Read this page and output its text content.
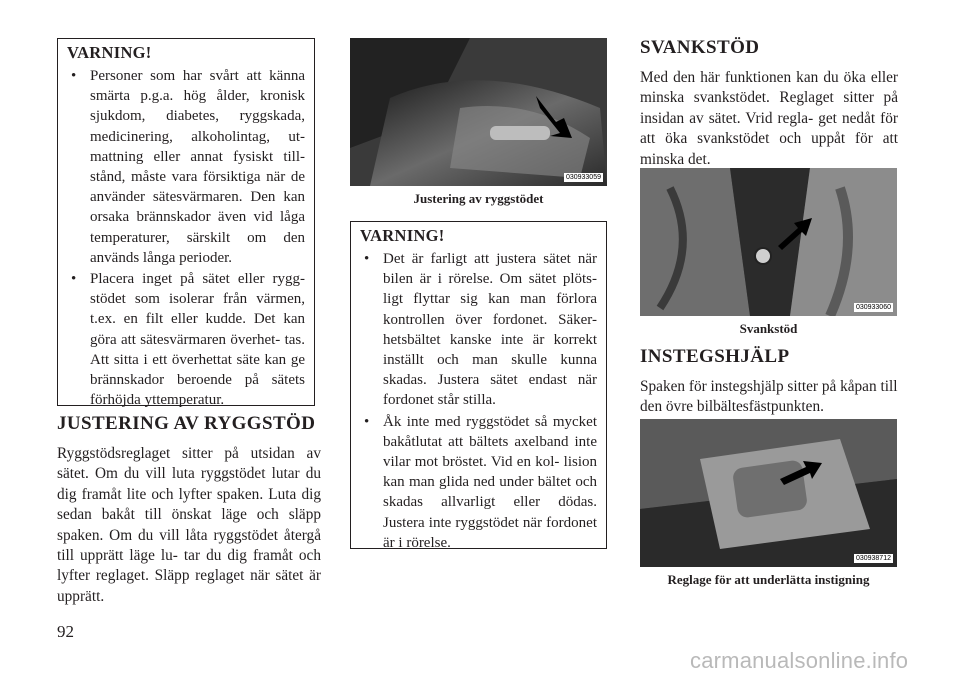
VARNING!
• Personer som har svårt att känna smärta p.g.a. hög ålder, kronisk sjukdom, diabetes, ryggskada, medicinering, alkoholintag, ut- mattning eller annat fysiskt till- stånd, måste vara försiktiga när de använder sätesvärmaren. Den kan orsaka brännskador även vid låga temperaturer, särskilt om den används långa perioder.
• Placera inget på sätet eller rygg- stödet som isolerar från värmen, t.ex. en filt eller kudde. Det kan göra att sätesvärmaren överhet- tas. Att sitta i ett överhettat säte kan ge brännskador beroende på sätets förhöjda yttemperatur.
JUSTERING AV RYGGSTÖD
Ryggstödsreglaget sitter på utsidan av sätet. Om du vill luta ryggstödet lutar du dig framåt lite och lyfter spaken. Luta dig sedan bakåt till önskat läge och släpp spaken. Om du vill låta ryggstödet återgå till upprätt läge lu- tar du dig framåt och lyfter reglaget. Släpp reglaget när sätet är upprätt.
92
030933059
Justering av ryggstödet
VARNING!
• Det är farligt att justera sätet när bilen är i rörelse. Om sätet plöts- ligt flyttar sig kan man förlora kontrollen över fordonet. Säker- hetsbältet kanske inte är korrekt inställt och man skulle kunna skadas. Justera sätet endast när fordonet står stilla.
• Åk inte med ryggstödet så mycket bakåtlutat att bältets axelband inte vilar mot bröstet. Vid en kol- lision kan man glida ned under bältet och skadas allvarligt eller dödas. Justera inte ryggstödet när fordonet är i rörelse.
SVANKSTÖD
Med den här funktionen kan du öka eller minska svankstödet. Reglaget sitter på insidan av sätet. Vrid regla- get nedåt för att öka svankstödet och uppåt för att minska det.
030933060
Svankstöd
INSTEGSHJÄLP
Spaken för instegshjälp sitter på kåpan till den övre bilbältesfästpunkten.
030938712
Reglage för att underlätta instigning
carmanualsonline.info
